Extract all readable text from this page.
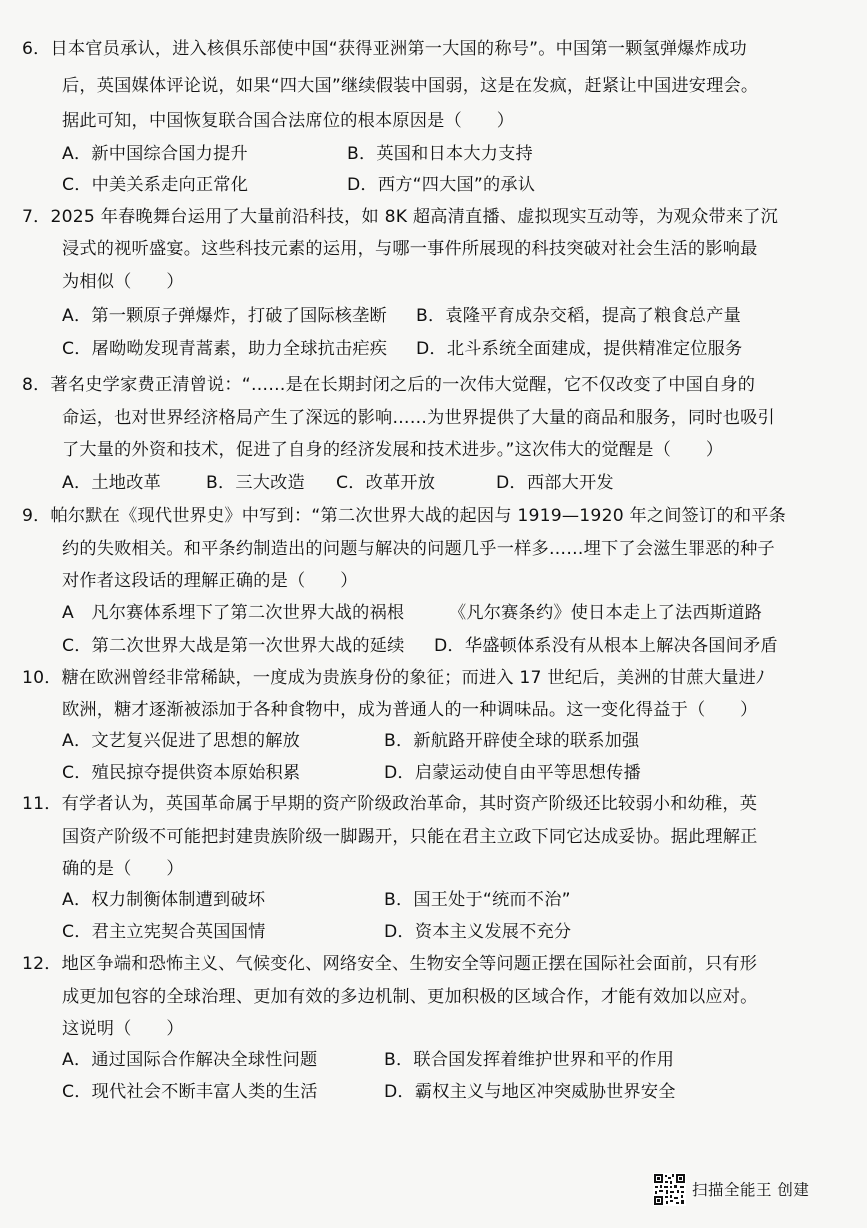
6．日本官员承认，进入核俱乐部使中国“获得亚洲第一大国的称号”。中国第一颗氢弹爆炸成功
后，英国媒体评论说，如果“四大国”继续假装中国弱，这是在发疯，赶紧让中国进安理会。
据此可知，中国恢复联合国合法席位的根本原因是（　　）
A．新中国综合国力提升	B．英国和日本大力支持
C．中美关系走向正常化	D．西方“四大国”的承认
7．2025 年春晚舞台运用了大量前沿科技，如 8K 超高清直播、虚拟现实互动等，为观众带来了沉
浸式的视听盛宴。这些科技元素的运用，与哪一事件所展现的科技突破对社会生活的影响最
为相似（　　）
A．第一颗原子弹爆炸，打破了国际核垄断 B．袁隆平育成杂交稻，提高了粮食总产量
C．屠呦呦发现青蒿素，助力全球抗击疟疾 D．北斗系统全面建成，提供精准定位服务
8．著名史学家费正清曾说：“……是在长期封闭之后的一次伟大觉醒，它不仅改变了中国自身的
命运，也对世界经济格局产生了深远的影响……为世界提供了大量的商品和服务，同时也吸引
了大量的外资和技术，促进了自身的经济发展和技术进步。”这次伟大的觉醒是（　　）
A．土地改革	B．三大改造 C．改革开放	D．西部大开发
9．帕尔默在《现代世界史》中写到：“第二次世界大战的起因与 1919—1920 年之间签订的和平条
约的失败相关。和平条约制造出的问题与解决的问题几乎一样多……埋下了会滋生罪恶的种子
对作者这段话的理解正确的是（　　）
A　凡尔赛体系埋下了第二次世界大战的祸根	《凡尔赛条约》使日本走上了法西斯道路
C．第二次世界大战是第一次世界大战的延续 D．华盛顿体系没有从根本上解决各国间矛盾
10．糖在欧洲曾经非常稀缺，一度成为贵族身份的象征；而进入 17 世纪后，美洲的甘蔗大量进ﾉ
欧洲，糖才逐渐被添加于各种食物中，成为普通人的一种调味品。这一变化得益于（　　）
A．文艺复兴促进了思想的解放	B．新航路开辟使全球的联系加强
C．殖民掠夺提供资本原始积累	D．启蒙运动使自由平等思想传播
11．有学者认为，英国革命属于早期的资产阶级政治革命，其时资产阶级还比较弱小和幼稚，英
国资产阶级不可能把封建贵族阶级一脚踢开，只能在君主立政下同它达成妥协。据此理解正
确的是（　　）
A．权力制衡体制遭到破坏	B．国王处于“统而不治”
C．君主立宪契合英国国情	D．资本主义发展不充分
12．地区争端和恐怖主义、气候变化、网络安全、生物安全等问题正摆在国际社会面前，只有形
成更加包容的全球治理、更加有效的多边机制、更加积极的区域合作，才能有效加以应对。
这说明（　　）
A．通过国际合作解决全球性问题	B．联合国发挥着维护世界和平的作用
C．现代社会不断丰富人类的生活	D．霸权主义与地区冲突威胁世界安全
扫描全能王 创建
